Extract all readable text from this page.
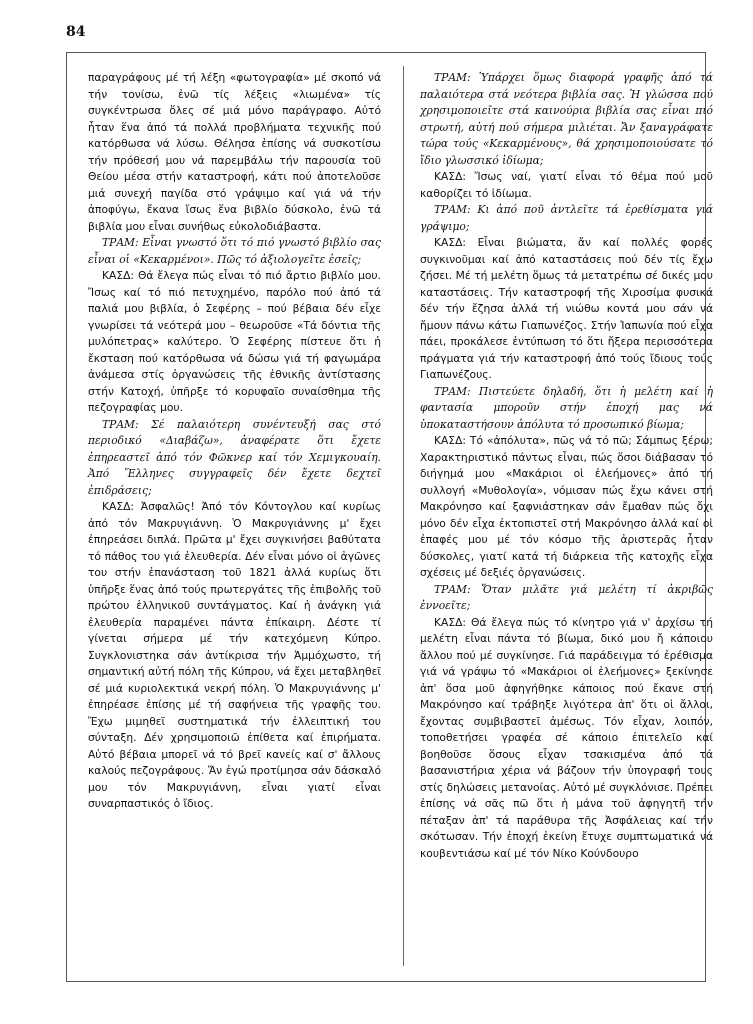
84

παραγράφους μέ τή λέξη «φωτογραφία» μέ σκοπό νά τήν τονίσω, ἐνῶ τίς λέξεις «λιωμένα» τίς συγκέντρωσα ὅλες σέ μιά μόνο παράγραφο. Αὐτό ἦταν ἕνα ἀπό τά πολλά προβλήματα τεχνικῆς πού κατόρθωσα νά λύσω. Θέλησα ἐπίσης νά συσκοτίσω τήν πρόθεσή μου νά παρεμβάλω τήν παρουσία τοῦ Θείου μέσα στήν καταστροφή, κάτι πού ἀποτελοῦσε μιά συνεχή παγίδα στό γράψιμο καί γιά νά τήν ἀποφύγω, ἔκανα ἴσως ἕνα βιβλίο δύσκολο, ἐνῶ τά βιβλία μου εἶναι συνήθως εὐκολοδιάβαστα.

ΤΡΑΜ: Εἶναι γνωστό ὅτι τό πιό γνωστό βιβλίο σας εἶναι οἱ «Κεκαρμένοι». Πῶς τό ἀξιολογεῖτε ἐσεῖς;

ΚΑΣΔ: Θά ἔλεγα πώς εἶναι τό πιό ἄρτιο βιβλίο μου. Ἴσως καί τό πιό πετυχημένο, παρόλο πού ἀπό τά παλιά μου βιβλία, ὁ Σεφέρης – πού βέβαια δέν εἶχε γνωρίσει τά νεότερά μου – θεωροῦσε «Τά δόντια τῆς μυλόπετρας» καλύτερο. Ὁ Σεφέρης πίστευε ὅτι ἡ ἔκσταση πού κατόρθωσα νά δώσω γιά τή φαγωμάρα ἀνάμεσα στίς ὀργανώσεις τῆς ἐθνικῆς ἀντίστασης στήν Κατοχή, ὑπῆρξε τό κορυφαῖο συναίσθημα τῆς πεζογραφίας μου.

ΤΡΑΜ: Σέ παλαιότερη συνέντευξή σας στό περιοδικό «Διαβάζω», ἀναφέρατε ὅτι ἔχετε ἐπηρεαστεῖ ἀπό τόν Φῶκνερ καί τόν Χεμιγκουαίη. Ἀπό Ἕλληνες συγγραφεῖς δέν ἔχετε δεχτεῖ ἐπιδράσεις;

ΚΑΣΔ: Ἀσφαλῶς! Ἀπό τόν Κόντογλου καί κυρίως ἀπό τόν Μακρυγιάννη. Ὁ Μακρυγιάννης μ' ἔχει ἐπηρεάσει διπλά. Πρῶτα μ' ἔχει συγκινήσει βαθύτατα τό πάθος του γιά ἐλευθερία. Δέν εἶναι μόνο οἱ ἀγῶνες του στήν ἐπανάσταση τοῦ 1821 ἀλλά κυρίως ὅτι ὑπῆρξε ἕνας ἀπό τούς πρωτεργάτες τῆς ἐπιβολῆς τοῦ πρώτου ἑλληνικοῦ συντάγματος. Καί ἡ ἀνάγκη γιά ἐλευθερία παραμένει πάντα ἐπίκαιρη. Δέστε τί γίνεται σήμερα μέ τήν κατεχόμενη Κύπρο. Συγκλονιστηκα σάν ἀντίκρισα τήν Ἀμμόχωστο, τή σημαντική αὐτή πόλη τῆς Κύπρου, νά ἔχει μεταβληθεῖ σέ μιά κυριολεκτικά νεκρή πόλη. Ὁ Μακρυγιάννης μ' ἐπηρέασε ἐπίσης μέ τή σαφήνεια τῆς γραφῆς του. Ἔχω μιμηθεῖ συστηματικά τήν ἐλλειπτική του σύνταξη. Δέν χρησιμοποιῶ ἐπίθετα καί ἐπιρήματα. Αὐτό βέβαια μπορεῖ νά τό βρεῖ κανείς καί σ' ἄλλους καλούς πεζογράφους. Ἄν ἐγώ προτίμησα σάν δάσκαλό μου τόν Μακρυγιάννη, εἶναι γιατί εἶναι συναρπαστικός ὁ ἴδιος.

ΤΡΑΜ: Ὑπάρχει ὅμως διαφορά γραφῆς ἀπό τά παλαιότερα στά νεότερα βιβλία σας. Ἡ γλώσσα πού χρησιμοποιεῖτε στά καινούρια βιβλία σας εἶναι πιό στρωτή, αὐτή πού σήμερα μιλιέται. Ἄν ξαναγράφατε τώρα τούς «Κεκαρμένους», θά χρησιμοποιούσατε τό ἴδιο γλωσσικό ἰδίωμα;

ΚΑΣΔ: Ἴσως ναί, γιατί εἶναι τό θέμα πού μοῦ καθορίζει τό ἰδίωμα.

ΤΡΑΜ: Κι ἀπό ποῦ ἀντλεῖτε τά ἐρεθίσματα γιά γράψιμο;

ΚΑΣΔ: Εἶναι βιώματα, ἄν καί πολλές φορές συγκινοῦμαι καί ἀπό καταστάσεις πού δέν τίς ἔχω ζήσει. Μέ τή μελέτη ὅμως τά μετατρέπω σέ δικές μου καταστάσεις. Τήν καταστροφή τῆς Χιροσίμα φυσικά δέν τήν ἔζησα ἀλλά τή νιώθω κοντά μου σάν νά ἤμουν πάνω κάτω Γιαπωνέζος. Στήν Ἰαπωνία πού εἶχα πάει, προκάλεσε ἐντύπωση τό ὅτι ἤξερα περισσότερα πράγματα γιά τήν καταστροφή ἀπό τούς ἴδιους τούς Γιαπωνέζους.

ΤΡΑΜ: Πιστεύετε δηλαδή, ὅτι ἡ μελέτη καί ἡ φαντασία μποροῦν στήν ἐποχή μας νά ὑποκαταστήσουν ἀπόλυτα τό προσωπικό βίωμα;

ΚΑΣΔ: Τό «ἀπόλυτα», πῶς νά τό πῶ; Σάμπως ξέρω; Χαρακτηριστικό πάντως εἶναι, πώς ὅσοι διάβασαν τό διήγημά μου «Μακάριοι οἱ ἐλεήμονες» ἀπό τή συλλογή «Μυθολογία», νόμισαν πώς ἔχω κάνει στή Μακρόνησο καί ξαφνιάστηκαν σάν ἔμαθαν πώς ὄχι μόνο δέν εἶχα ἐκτοπιστεῖ στή Μακρόνησο ἀλλά καί οἱ ἐπαφές μου μέ τόν κόσμο τῆς ἀριστερᾶς ἦταν δύσκολες, γιατί κατά τή διάρκεια τῆς κατοχῆς εἶχα σχέσεις μέ δεξιές ὀργανώσεις.

ΤΡΑΜ: Ὅταν μιλᾶτε γιά μελέτη τί ἀκριβῶς ἐννοεῖτε;

ΚΑΣΔ: Θά ἔλεγα πώς τό κίνητρο γιά ν' ἀρχίσω τή μελέτη εἶναι πάντα τό βίωμα, δικό μου ἤ κάποιου ἄλλου πού μέ συγκίνησε. Γιά παράδειγμα τό ἐρέθισμα γιά νά γράψω τό «Μακάριοι οἱ ἐλεήμονες» ξεκίνησε ἀπ' ὅσα μοῦ ἀφηγήθηκε κάποιος πού ἔκανε στή Μακρόνησο καί τράβηξε λιγότερα ἀπ' ὅτι οἱ ἄλλοι, ἔχοντας συμβιβαστεῖ ἀμέσως. Τόν εἶχαν, λοιπόν, τοποθετήσει γραφέα σέ κάποιο ἐπιτελεῖο καί βοηθοῦσε ὅσους εἶχαν τσακισμένα ἀπό τά βασανιστήρια χέρια νά βάζουν τήν ὑπογραφή τους στίς δηλώσεις μετανοίας. Αὐτό μέ συγκλόνισε. Πρέπει ἐπίσης νά σᾶς πῶ ὅτι ἡ μάνα τοῦ ἀφηγητῆ τήν πέταξαν ἀπ' τά παράθυρα τῆς Ἀσφάλειας καί τήν σκότωσαν. Τήν ἐποχή ἐκείνη ἔτυχε συμπτωματικά νά κουβεντιάσω καί μέ τόν Νίκο Κούνδουρο
